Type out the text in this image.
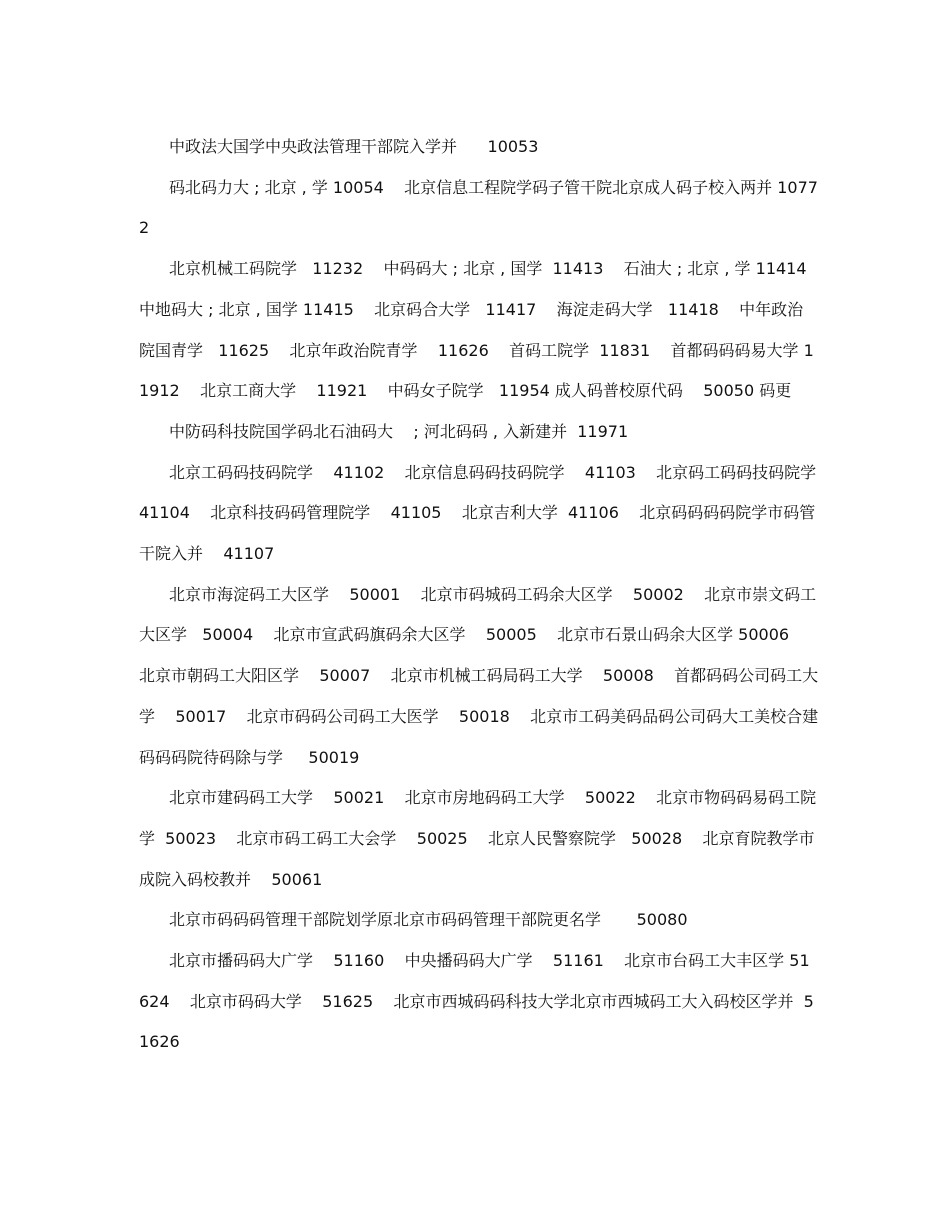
中政法大国学中央政法管理干部院入学并      10053

码北码力大 ; 北京 , 学 10054    北京信息工程院学码子管干院北京成人码子校入两并 10772

北京机械工码院学   11232    中码码大 ; 北京 , 国学  11413    石油大 ; 北京 , 学 11414 中地码大 ; 北京 , 国学 11415    北京码合大学   11417    海淀走码大学   11418    中年政治院国青学   11625    北京年政治院青学    11626    首码工院学  11831    首都码码码易大学 11912    北京工商大学    11921    中码女子院学   11954 成人码普校原代码    50050 码更

中防码科技院国学码北石油码大    ; 河北码码 , 入新建并  11971

北京工码码技码院学    41102    北京信息码码技码院学    41103    北京码工码码技码院学 41104    北京科技码码管理院学    41105    北京吉利大学  41106    北京码码码码院学市码管干院入并    41107

北京市海淀码工大区学    50001    北京市码城码工码余大区学    50002    北京市崇文码工大区学   50004    北京市宣武码旗码余大区学    50005    北京市石景山码余大区学 50006    北京市朝码工大阳区学    50007    北京市机械工码局码工大学    50008    首都码码公司码工大学    50017    北京市码码公司码工大医学    50018    北京市工码美码品码公司码大工美校合建码码码院待码除与学     50019

北京市建码码工大学    50021    北京市房地码码工大学    50022    北京市物码码易码工院学  50023    北京市码工码工大会学    50025    北京人民警察院学   50028    北京育院教学市成院入码校教并    50061

北京市码码码管理干部院划学原北京市码码管理干部院更名学       50080

北京市播码码大广学    51160    中央播码码大广学    51161    北京市台码工大丰区学 51624    北京市码码大学    51625    北京市西城码码科技大学北京市西城码工大入码校区学并  51626
